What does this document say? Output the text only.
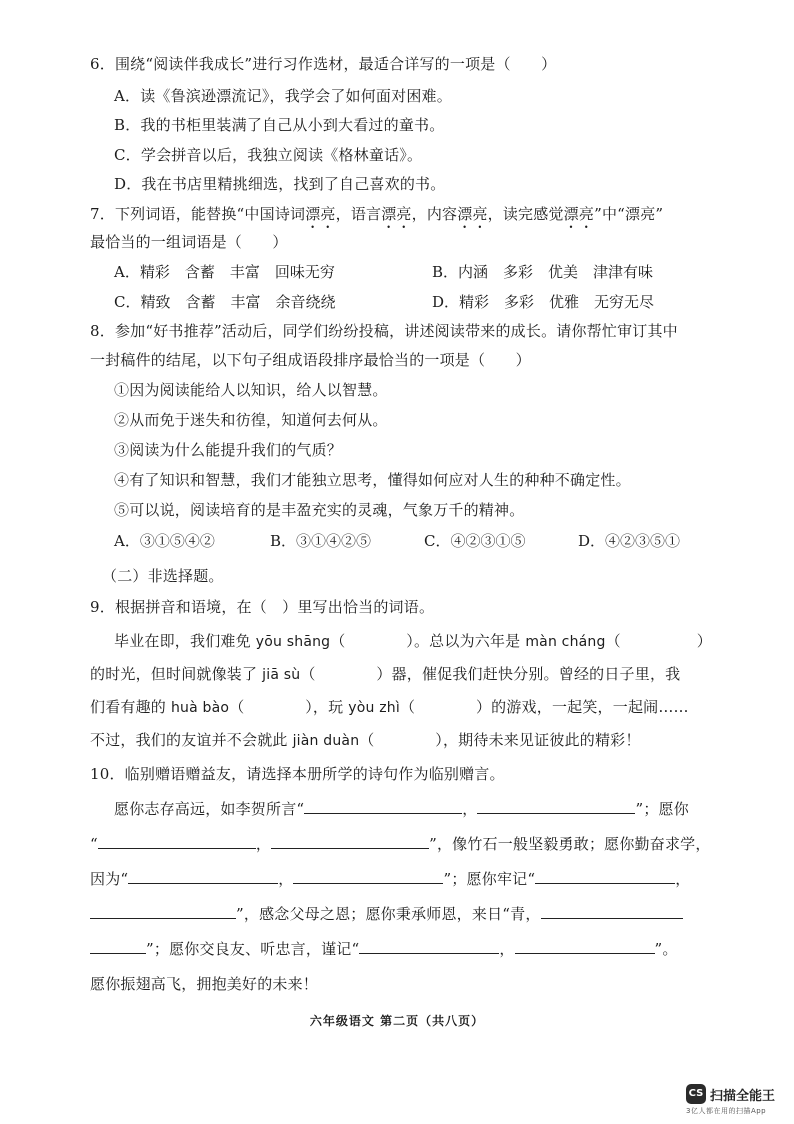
6．围绕“阅读伴我成长”进行习作选材，最适合详写的一项是（　　）
A．读《鲁滨逊漂流记》，我学会了如何面对困难。
B．我的书柜里装满了自己从小到大看过的童书。
C．学会拼音以后，我独立阅读《格林童话》。
D．我在书店里精挑细选，找到了自己喜欢的书。
7．下列词语，能替换“中国诗词漂亮，语言漂亮，内容漂亮，读完感觉漂亮”中“漂亮”
最恰当的一组词语是（　　）
A．精彩　含蓄　丰富　回味无穷	B．内涵　多彩　优美　津津有味
C．精致　含蓄　丰富　余音绕绕	D．精彩　多彩　优雅　无穷无尽
8．参加“好书推荐”活动后，同学们纷纷投稿，讲述阅读带来的成长。请你帮忙审订其中
一封稿件的结尾，以下句子组成语段排序最恰当的一项是（　　）
①因为阅读能给人以知识，给人以智慧。
②从而免于迷失和彷徨，知道何去何从。
③阅读为什么能提升我们的气质？
④有了知识和智慧，我们才能独立思考，懂得如何应对人生的种种不确定性。
⑤可以说，阅读培育的是丰盈充实的灵魂，气象万千的精神。
A．③①⑤④②	B．③①④②⑤	C．④②③①⑤	D．④②③⑤①
（二）非选择题。
9．根据拼音和语境，在（　）里写出恰当的词语。
毕业在即，我们难免 yōu shāng（　　　　）。总以为六年是 màn cháng（　　　　　）
的时光，但时间就像装了 jiā sù（　　　　）器，催促我们赶快分别。曾经的日子里，我
们看有趣的 huà bào（　　　　），玩 yòu zhì（　　　　）的游戏，一起笑，一起闹……
不过，我们的友谊并不会就此 jiàn duàn（　　　　），期待未来见证彼此的精彩！
10．临别赠语赠益友，请选择本册所学的诗句作为临别赠言。
愿你志存高远，如李贺所言“	，	”；愿你
“	，	”，像竹石一般坚毅勇敢；愿你勤奋求学，
因为“	，	”；愿你牢记“	，
”，感念父母之恩；愿你秉承师恩，来日“青，
”；愿你交良友、听忠言，谨记“	，	”。
愿你振翅高飞，拥抱美好的未来！
六年级语文 第二页（共八页）
CS 扫描全能王
3亿人都在用的扫描App
